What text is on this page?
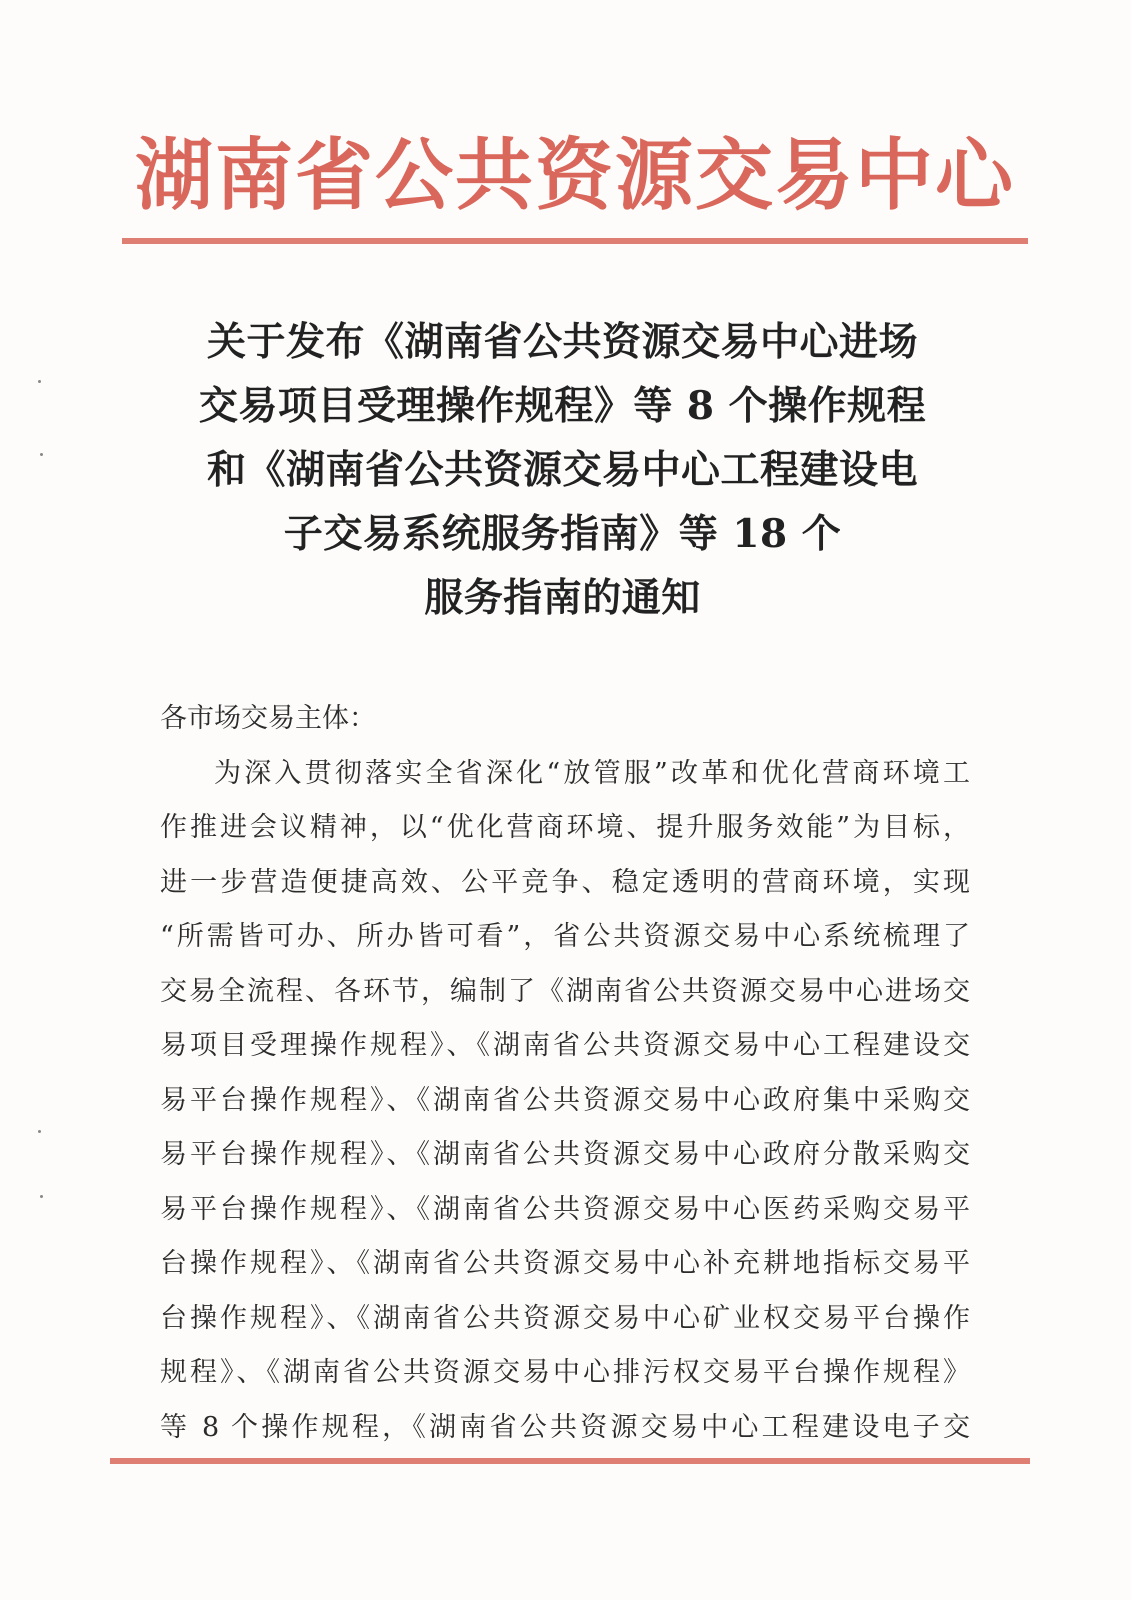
湖南省公共资源交易中心
关于发布《湖南省公共资源交易中心进场
交易项目受理操作规程》等 8 个操作规程
和《湖南省公共资源交易中心工程建设电
子交易系统服务指南》等 18 个
服务指南的通知

各市场交易主体：

为深入贯彻落实全省深化“放管服”改革和优化营商环境工
作推进会议精神，以“优化营商环境、提升服务效能”为目标，
进一步营造便捷高效、公平竞争、稳定透明的营商环境，实现
“所需皆可办、所办皆可看”，省公共资源交易中心系统梳理了
交易全流程、各环节，编制了《湖南省公共资源交易中心进场交
易项目受理操作规程》、《湖南省公共资源交易中心工程建设交
易平台操作规程》、《湖南省公共资源交易中心政府集中采购交
易平台操作规程》、《湖南省公共资源交易中心政府分散采购交
易平台操作规程》、《湖南省公共资源交易中心医药采购交易平
台操作规程》、《湖南省公共资源交易中心补充耕地指标交易平
台操作规程》、《湖南省公共资源交易中心矿业权交易平台操作
规程》、《湖南省公共资源交易中心排污权交易平台操作规程》
等 8 个操作规程，《湖南省公共资源交易中心工程建设电子交
